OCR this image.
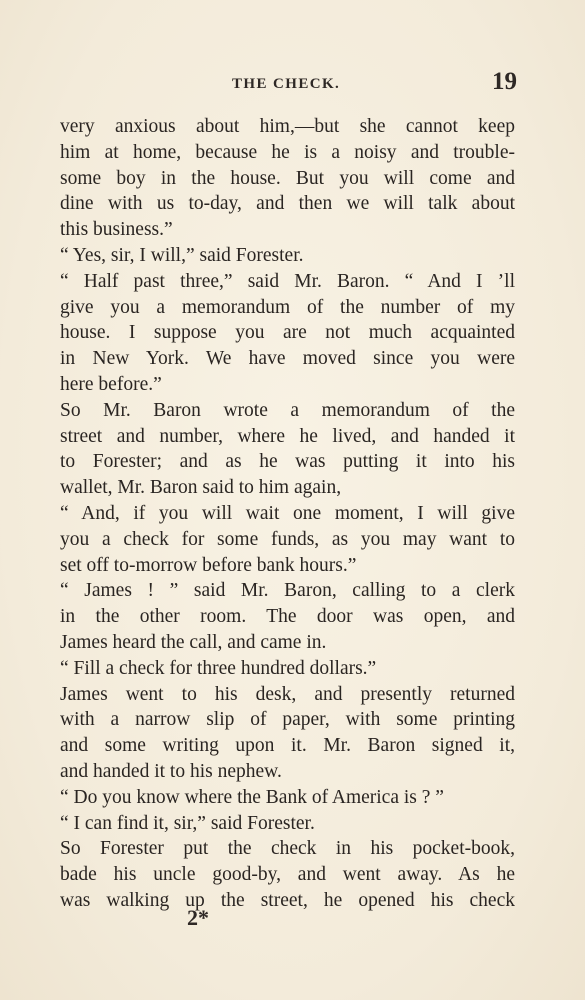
THE CHECK.	19
very anxious about him,—but she cannot keep
him at home, because he is a noisy and trouble-
some boy in the house. But you will come and
dine with us to-day, and then we will talk about
this business.”
“ Yes, sir, I will,” said Forester.
“ Half past three,” said Mr. Baron. “ And I ’ll
give you a memorandum of the number of my
house. I suppose you are not much acquainted
in New York. We have moved since you were
here before.”
So Mr. Baron wrote a memorandum of the
street and number, where he lived, and handed it
to Forester; and as he was putting it into his
wallet, Mr. Baron said to him again,
“ And, if you will wait one moment, I will give
you a check for some funds, as you may want to
set off to-morrow before bank hours.”
“ James ! ” said Mr. Baron, calling to a clerk
in the other room. The door was open, and
James heard the call, and came in.
“ Fill a check for three hundred dollars.”
James went to his desk, and presently returned
with a narrow slip of paper, with some printing
and some writing upon it. Mr. Baron signed it,
and handed it to his nephew.
“ Do you know where the Bank of America is ? ”
“ I can find it, sir,” said Forester.
So Forester put the check in his pocket-book,
bade his uncle good-by, and went away. As he
was walking up the street, he opened his check
2*
